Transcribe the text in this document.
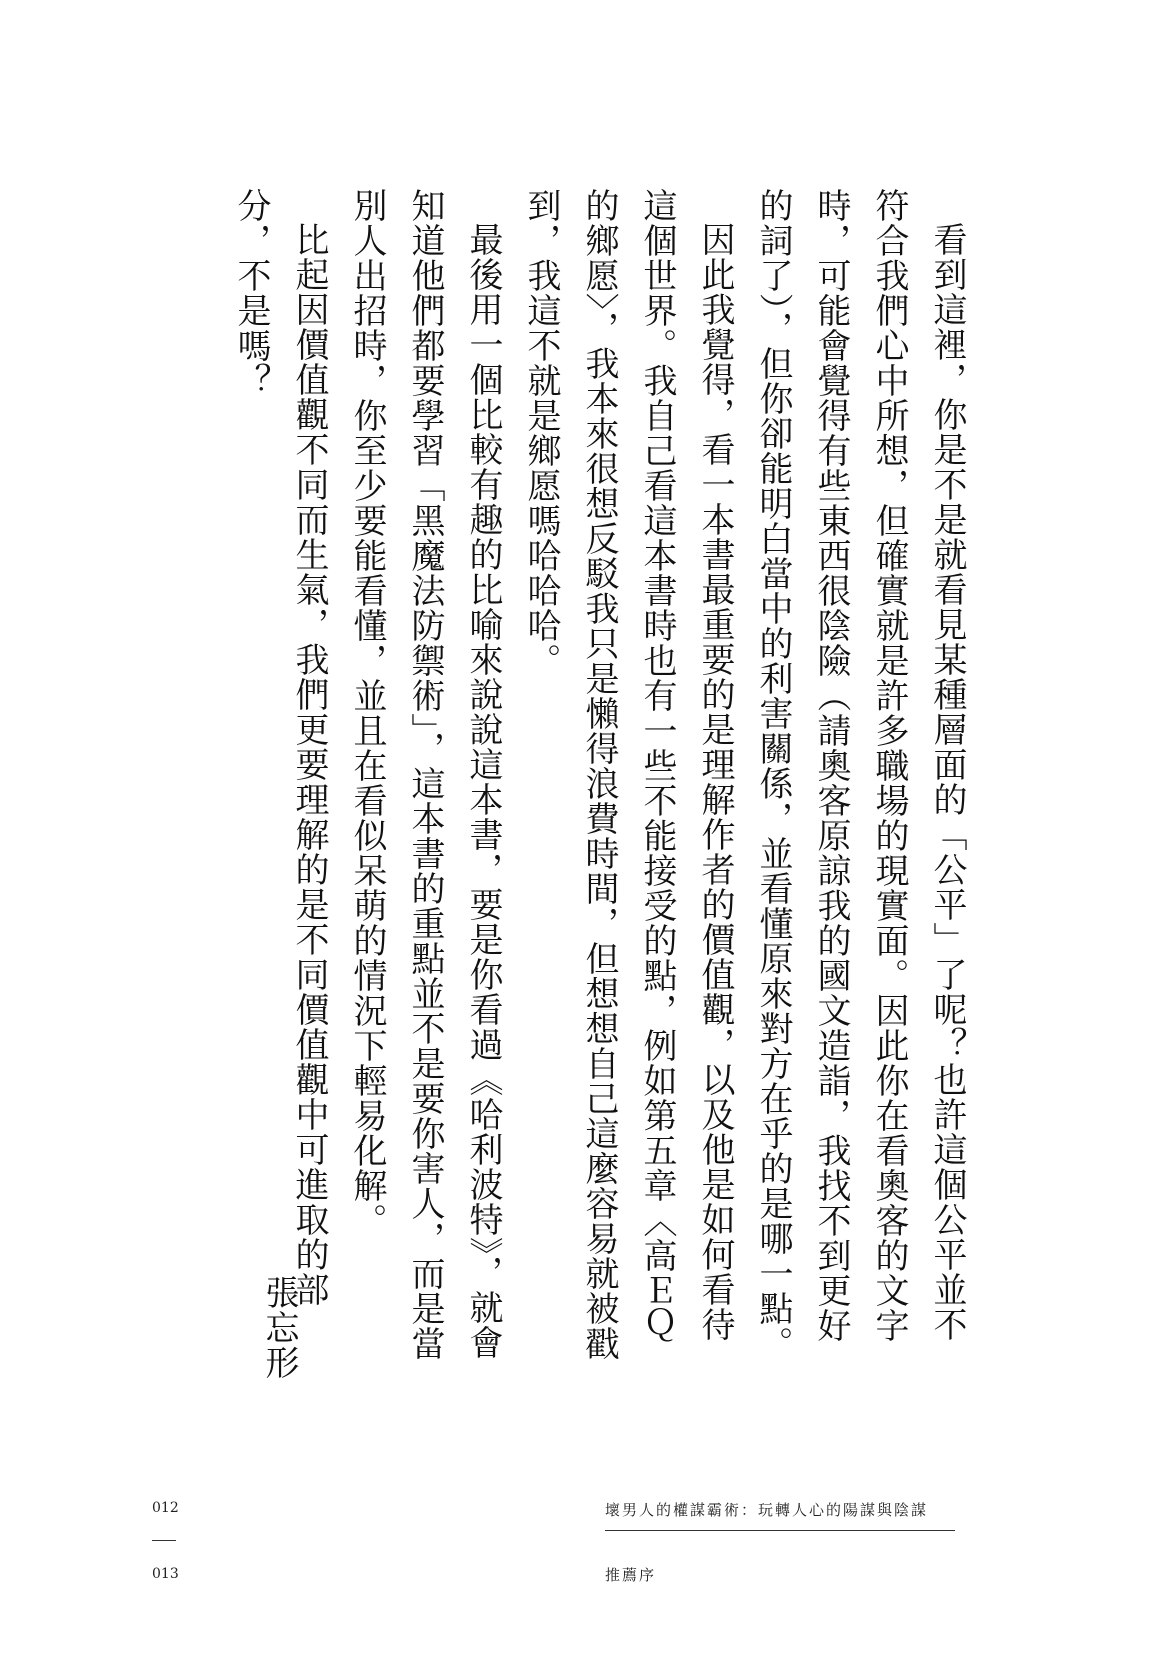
看到這裡，你是不是就看見某種層面的「公平」了呢？也許這個公平並不符合我們心中所想，但確實就是許多職場的現實面。因此你在看奧客的文字時，可能會覺得有些東西很陰險（請奧客原諒我的國文造詣，我找不到更好的詞了），但你卻能明白當中的利害關係，並看懂原來對方在乎的是哪一點。

因此我覺得，看一本書最重要的是理解作者的價值觀，以及他是如何看待這個世界。我自己看這本書時也有一些不能接受的點，例如第五章〈高ＥＱ的鄉愿〉，我本來很想反駁我只是懶得浪費時間，但想想自己這麼容易就被戳到，我這不就是鄉愿嗎哈哈哈。

最後用一個比較有趣的比喻來說說這本書，要是你看過《哈利波特》，就會知道他們都要學習「黑魔法防禦術」，這本書的重點並不是要你害人，而是當別人出招時，你至少要能看懂，並且在看似呆萌的情況下輕易化解。

比起因價值觀不同而生氣，我們更要理解的是不同價值觀中可進取的部分，不是嗎？

張忘形
012
013
壞男人的權謀霸術：玩轉人心的陽謀與陰謀
推薦序
